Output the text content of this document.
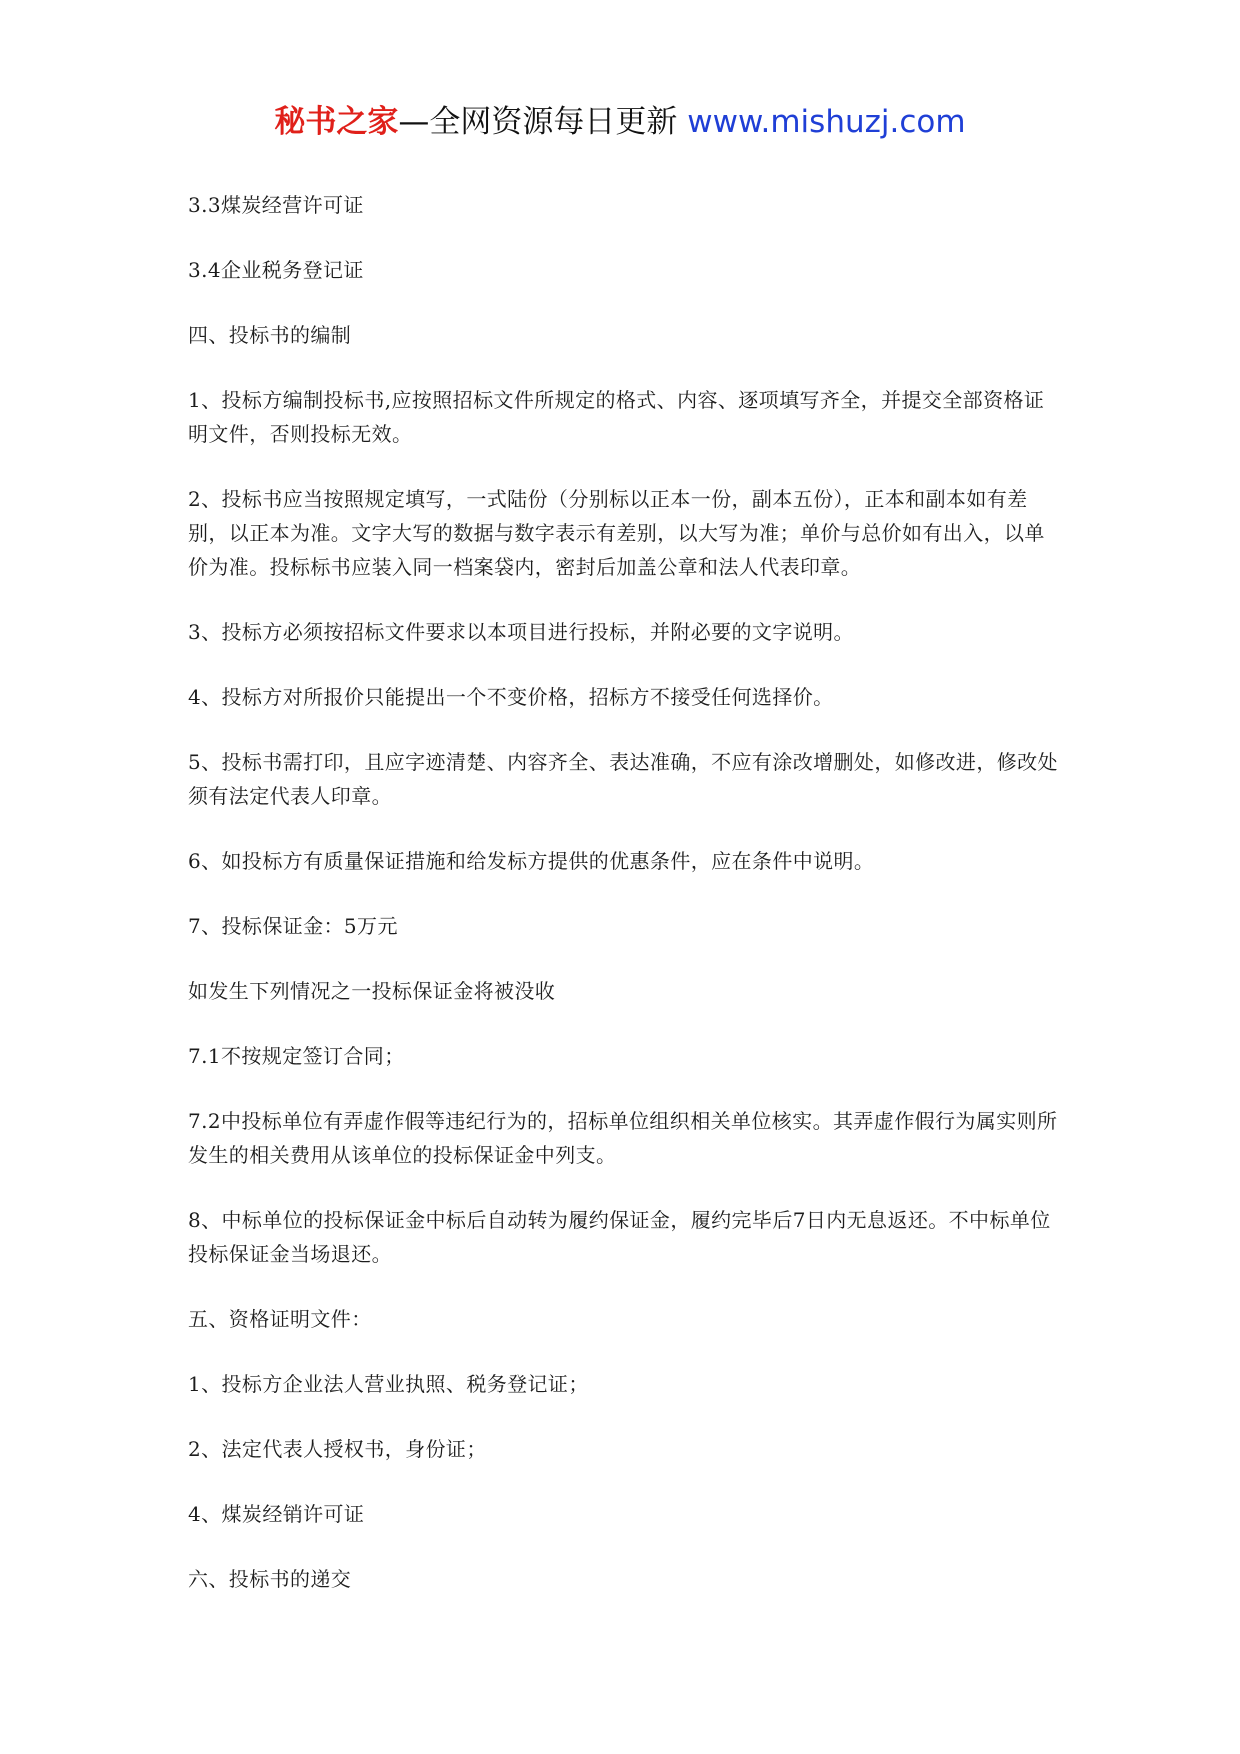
秘书之家—全网资源每日更新 www.mishuzj.com

3.3煤炭经营许可证

3.4企业税务登记证

四、投标书的编制

1、投标方编制投标书,应按照招标文件所规定的格式、内容、逐项填写齐全，并提交全部资格证明文件，否则投标无效。

2、投标书应当按照规定填写，一式陆份（分别标以正本一份，副本五份），正本和副本如有差别，以正本为准。文字大写的数据与数字表示有差别，以大写为准；单价与总价如有出入，以单价为准。投标标书应装入同一档案袋内，密封后加盖公章和法人代表印章。

3、投标方必须按招标文件要求以本项目进行投标，并附必要的文字说明。

4、投标方对所报价只能提出一个不变价格，招标方不接受任何选择价。

5、投标书需打印，且应字迹清楚、内容齐全、表达准确，不应有涂改增删处，如修改进，修改处须有法定代表人印章。

6、如投标方有质量保证措施和给发标方提供的优惠条件，应在条件中说明。

7、投标保证金：5万元

如发生下列情况之一投标保证金将被没收

7.1不按规定签订合同；

7.2中投标单位有弄虚作假等违纪行为的，招标单位组织相关单位核实。其弄虚作假行为属实则所发生的相关费用从该单位的投标保证金中列支。

8、中标单位的投标保证金中标后自动转为履约保证金，履约完毕后7日内无息返还。不中标单位投标保证金当场退还。

五、资格证明文件：

1、投标方企业法人营业执照、税务登记证；

2、法定代表人授权书，身份证；

4、煤炭经销许可证

六、投标书的递交
